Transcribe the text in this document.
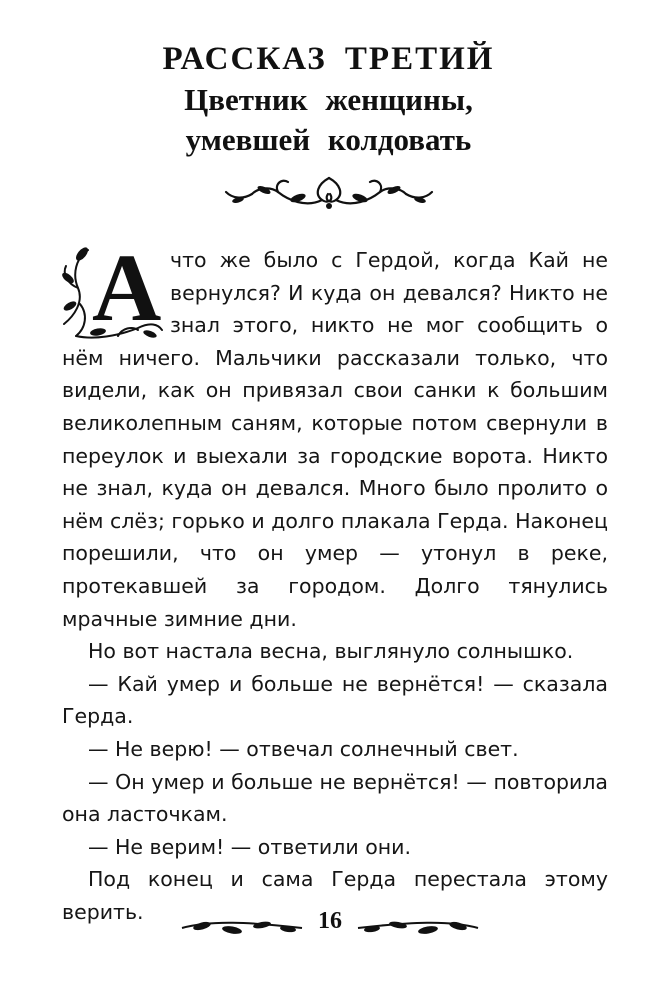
РАССКАЗ ТРЕТИЙ
Цветник женщины,
умевшей колдовать

А что же было с Гердой, когда Кай не вернулся? И куда он девался? Никто не знал этого, никто не мог сообщить о нём ничего. Мальчики рассказали только, что видели, как он привязал свои санки к большим великолепным саням, которые потом свернули в переулок и выехали за городские ворота. Никто не знал, куда он девался. Много было пролито о нём слёз; горько и долго плакала Герда. Наконец порешили, что он умер — утонул в реке, протекавшей за городом. Долго тянулись мрачные зимние дни.

Но вот настала весна, выглянуло солнышко.

— Кай умер и больше не вернётся! — сказала Герда.

— Не верю! — отвечал солнечный свет.

— Он умер и больше не вернётся! — повторила она ласточкам.

— Не верим! — ответили они.

Под конец и сама Герда перестала этому верить.	16
